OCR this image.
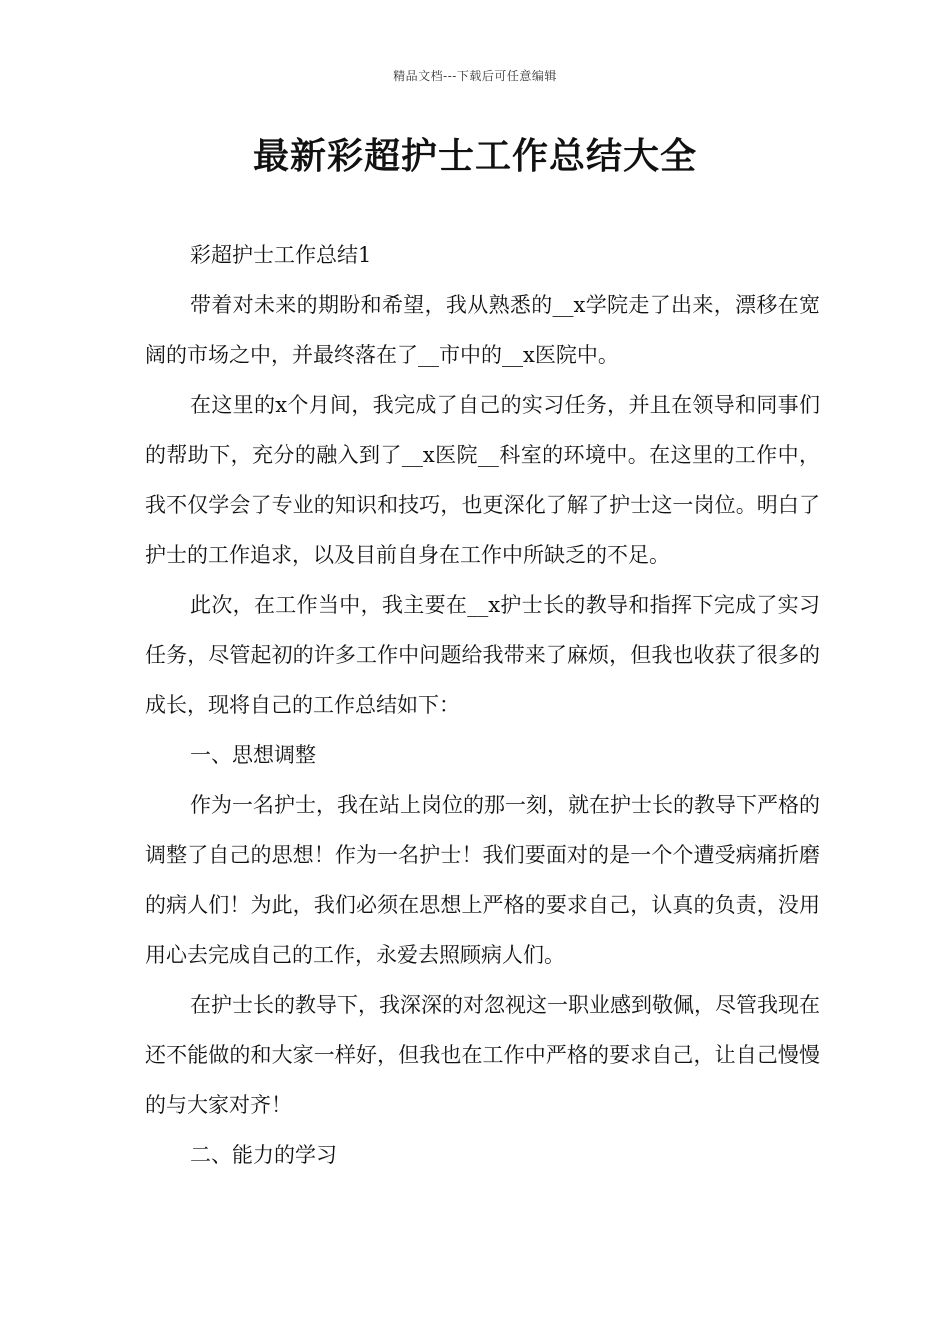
精品文档---下载后可任意编辑
最新彩超护士工作总结大全

彩超护士工作总结1

带着对未来的期盼和希望，我从熟悉的__x学院走了出来，漂移在宽阔的市场之中，并最终落在了__市中的__x医院中。

在这里的x个月间，我完成了自己的实习任务，并且在领导和同事们的帮助下，充分的融入到了__x医院__科室的环境中。在这里的工作中，我不仅学会了专业的知识和技巧，也更深化了解了护士这一岗位。明白了护士的工作追求，以及目前自身在工作中所缺乏的不足。

此次，在工作当中，我主要在__x护士长的教导和指挥下完成了实习任务，尽管起初的许多工作中问题给我带来了麻烦，但我也收获了很多的成长，现将自己的工作总结如下：

一、思想调整

作为一名护士，我在站上岗位的那一刻，就在护士长的教导下严格的调整了自己的思想！作为一名护士！我们要面对的是一个个遭受病痛折磨的病人们！为此，我们必须在思想上严格的要求自己，认真的负责，没用用心去完成自己的工作，永爱去照顾病人们。

在护士长的教导下，我深深的对忽视这一职业感到敬佩，尽管我现在还不能做的和大家一样好，但我也在工作中严格的要求自己，让自己慢慢的与大家对齐！

二、能力的学习
